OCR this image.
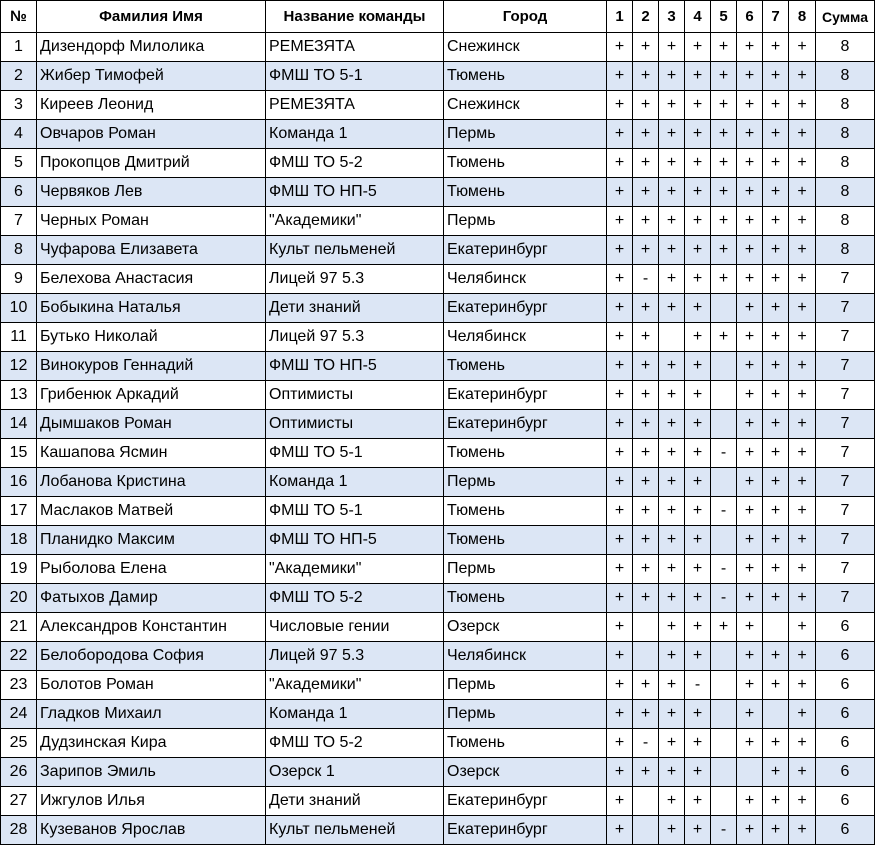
№	Фамилия Имя	Название команды	Город	1	2	3	4	5	6	7	8	Сумма
1	Дизендорф Милолика	РЕМЕЗЯТА	Снежинск	+	+	+	+	+	+	+	+	8
2	Жибер Тимофей	ФМШ ТО 5-1	Тюмень	+	+	+	+	+	+	+	+	8
3	Киреев Леонид	РЕМЕЗЯТА	Снежинск	+	+	+	+	+	+	+	+	8
4	Овчаров Роман	Команда 1	Пермь	+	+	+	+	+	+	+	+	8
5	Прокопцов Дмитрий	ФМШ ТО 5-2	Тюмень	+	+	+	+	+	+	+	+	8
6	Червяков Лев	ФМШ ТО НП-5	Тюмень	+	+	+	+	+	+	+	+	8
7	Черных Роман	"Академики"	Пермь	+	+	+	+	+	+	+	+	8
8	Чуфарова Елизавета	Культ пельменей	Екатеринбург	+	+	+	+	+	+	+	+	8
9	Белехова Анастасия	Лицей 97 5.3	Челябинск	+	-	+	+	+	+	+	+	7
10	Бобыкина Наталья	Дети знаний	Екатеринбург	+	+	+	+		+	+	+	7
11	Бутько Николай	Лицей 97 5.3	Челябинск	+	+		+	+	+	+	+	7
12	Винокуров Геннадий	ФМШ ТО НП-5	Тюмень	+	+	+	+		+	+	+	7
13	Грибенюк Аркадий	Оптимисты	Екатеринбург	+	+	+	+		+	+	+	7
14	Дымшаков Роман	Оптимисты	Екатеринбург	+	+	+	+		+	+	+	7
15	Кашапова Ясмин	ФМШ ТО 5-1	Тюмень	+	+	+	+	-	+	+	+	7
16	Лобанова Кристина	Команда 1	Пермь	+	+	+	+		+	+	+	7
17	Маслаков Матвей	ФМШ ТО 5-1	Тюмень	+	+	+	+	-	+	+	+	7
18	Планидко Максим	ФМШ ТО НП-5	Тюмень	+	+	+	+		+	+	+	7
19	Рыболова Елена	"Академики"	Пермь	+	+	+	+	-	+	+	+	7
20	Фатыхов Дамир	ФМШ ТО 5-2	Тюмень	+	+	+	+	-	+	+	+	7
21	Александров Константин	Числовые гении	Озерск	+		+	+	+	+		+	6
22	Белобородова София	Лицей 97 5.3	Челябинск	+		+	+		+	+	+	6
23	Болотов Роман	"Академики"	Пермь	+	+	+	-		+	+	+	6
24	Гладков Михаил	Команда 1	Пермь	+	+	+	+		+		+	6
25	Дудзинская Кира	ФМШ ТО 5-2	Тюмень	+	-	+	+		+	+	+	6
26	Зарипов Эмиль	Озерск 1	Озерск	+	+	+	+			+	+	6
27	Ижгулов Илья	Дети знаний	Екатеринбург	+		+	+		+	+	+	6
28	Кузеванов Ярослав	Культ пельменей	Екатеринбург	+		+	+	-	+	+	+	6
